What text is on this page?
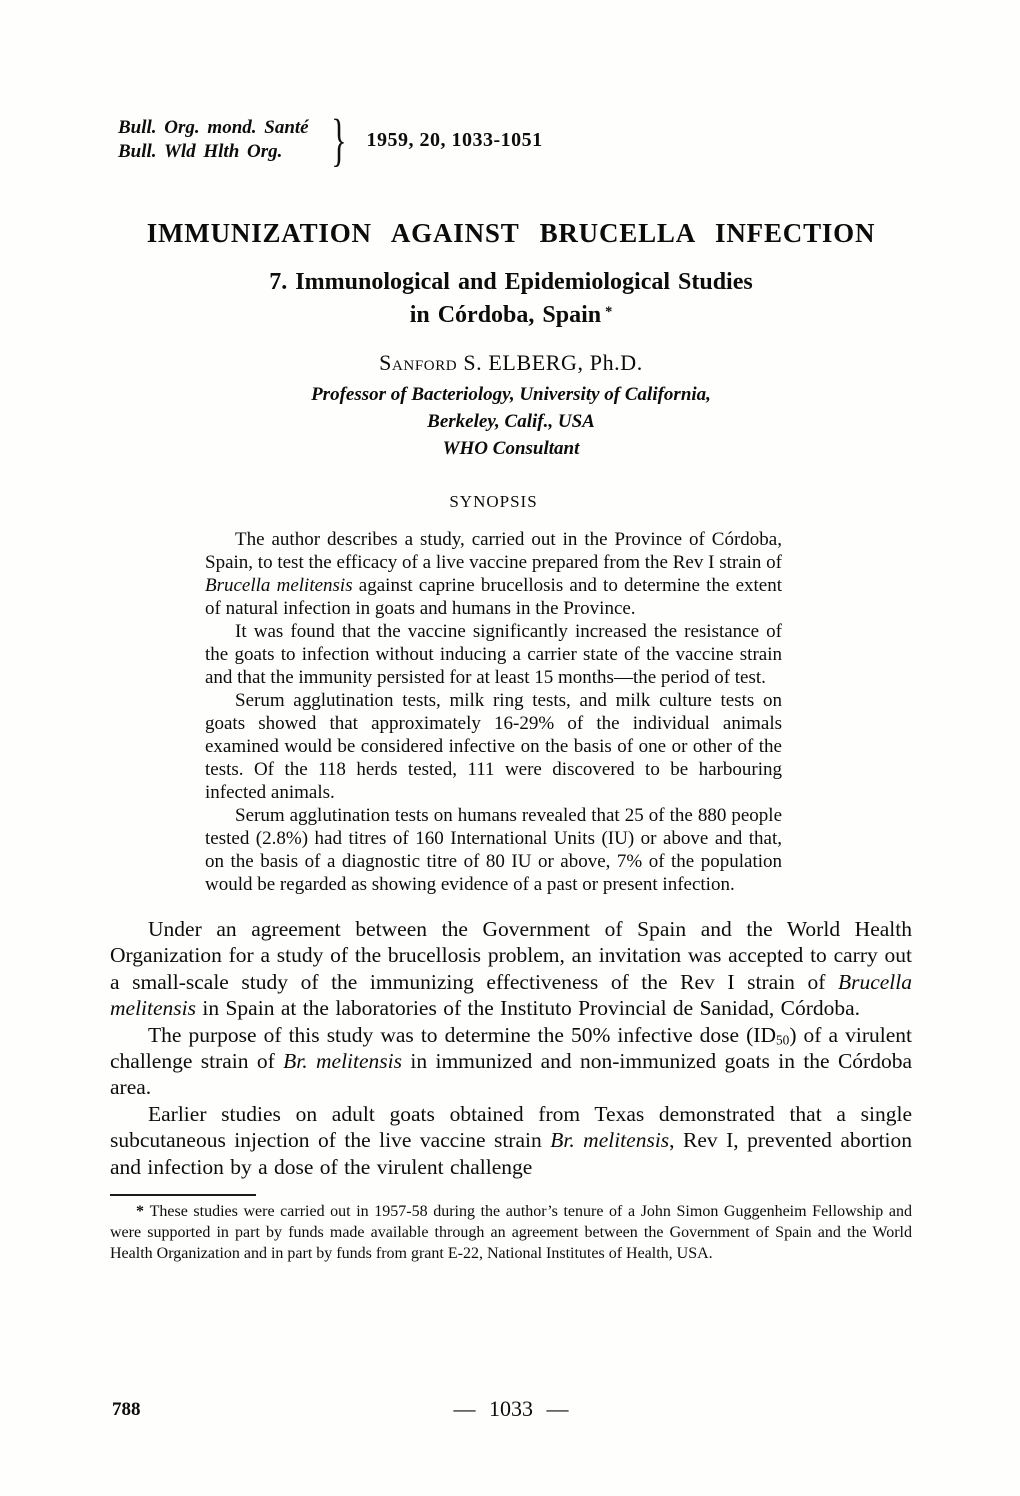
Bull. Org. mond. Santé
Bull. Wld Hlth Org. } 1959, 20, 1033-1051
IMMUNIZATION AGAINST BRUCELLA INFECTION
7. Immunological and Epidemiological Studies
in Córdoba, Spain *
Sanford S. ELBERG, Ph.D.
Professor of Bacteriology, University of California,
Berkeley, Calif., USA
WHO Consultant
SYNOPSIS

The author describes a study, carried out in the Province of Córdoba, Spain, to test the efficacy of a live vaccine prepared from the Rev I strain of Brucella melitensis against caprine brucellosis and to determine the extent of natural infection in goats and humans in the Province.

It was found that the vaccine significantly increased the resistance of the goats to infection without inducing a carrier state of the vaccine strain and that the immunity persisted for at least 15 months—the period of test.

Serum agglutination tests, milk ring tests, and milk culture tests on goats showed that approximately 16-29% of the individual animals examined would be considered infective on the basis of one or other of the tests. Of the 118 herds tested, 111 were discovered to be harbouring infected animals.

Serum agglutination tests on humans revealed that 25 of the 880 people tested (2.8%) had titres of 160 International Units (IU) or above and that, on the basis of a diagnostic titre of 80 IU or above, 7% of the population would be regarded as showing evidence of a past or present infection.

Under an agreement between the Government of Spain and the World Health Organization for a study of the brucellosis problem, an invitation was accepted to carry out a small-scale study of the immunizing effectiveness of the Rev I strain of Brucella melitensis in Spain at the laboratories of the Instituto Provincial de Sanidad, Córdoba.

The purpose of this study was to determine the 50% infective dose (ID50) of a virulent challenge strain of Br. melitensis in immunized and non-immunized goats in the Córdoba area.

Earlier studies on adult goats obtained from Texas demonstrated that a single subcutaneous injection of the live vaccine strain Br. melitensis, Rev I, prevented abortion and infection by a dose of the virulent challenge

* These studies were carried out in 1957-58 during the author’s tenure of a John Simon Guggenheim Fellowship and were supported in part by funds made available through an agreement between the Government of Spain and the World Health Organization and in part by funds from grant E-22, National Institutes of Health, USA.

788	— 1033 —
